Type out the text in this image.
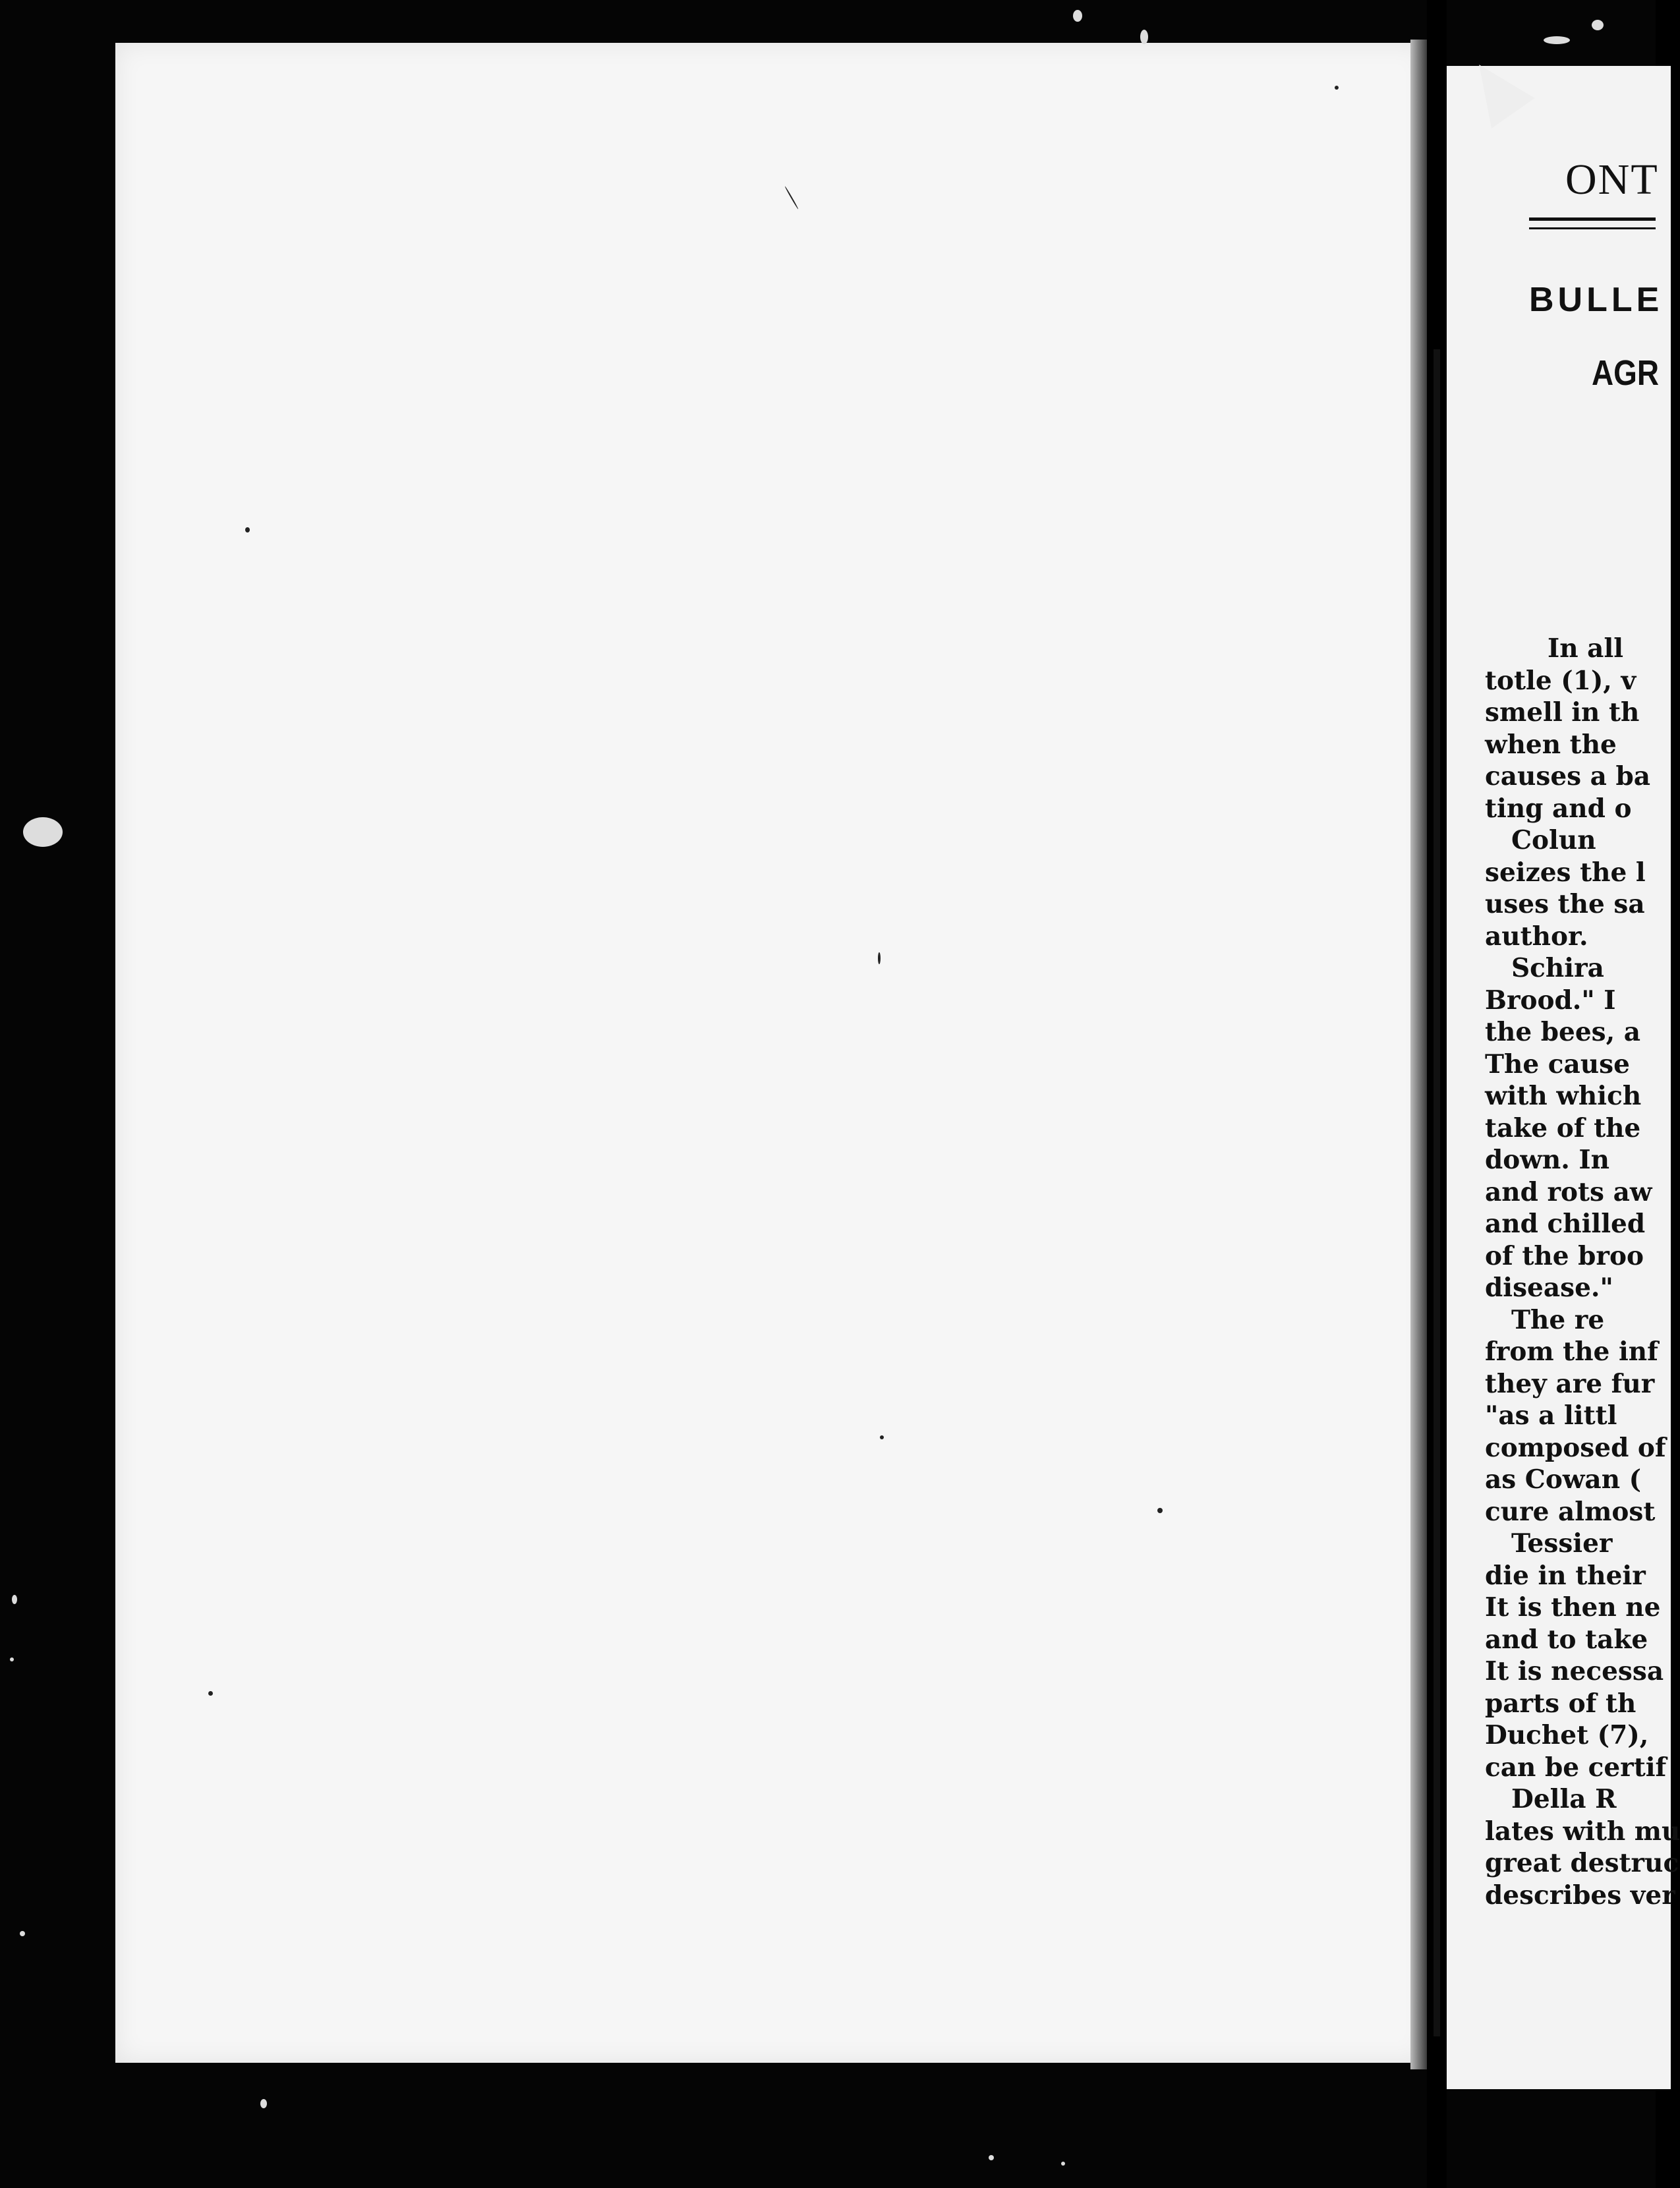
ONT
BULLE
AGR
In all
totle (1), v
smell in th
when the
causes a ba
ting and o
Colun
seizes the l
uses the sa
author.
Schira
Brood." I
the bees, a
The cause
with which
take of the
down. In
and rots aw
and chilled
of the broo
disease."
The re
from the inf
they are fur
"as a littl
composed of
as Cowan (
cure almost
Tessier
die in their
It is then ne
and to take
It is necessa
parts of th
Duchet (7),
can be certif
Della R
lates with mu
great destruc
describes ver
